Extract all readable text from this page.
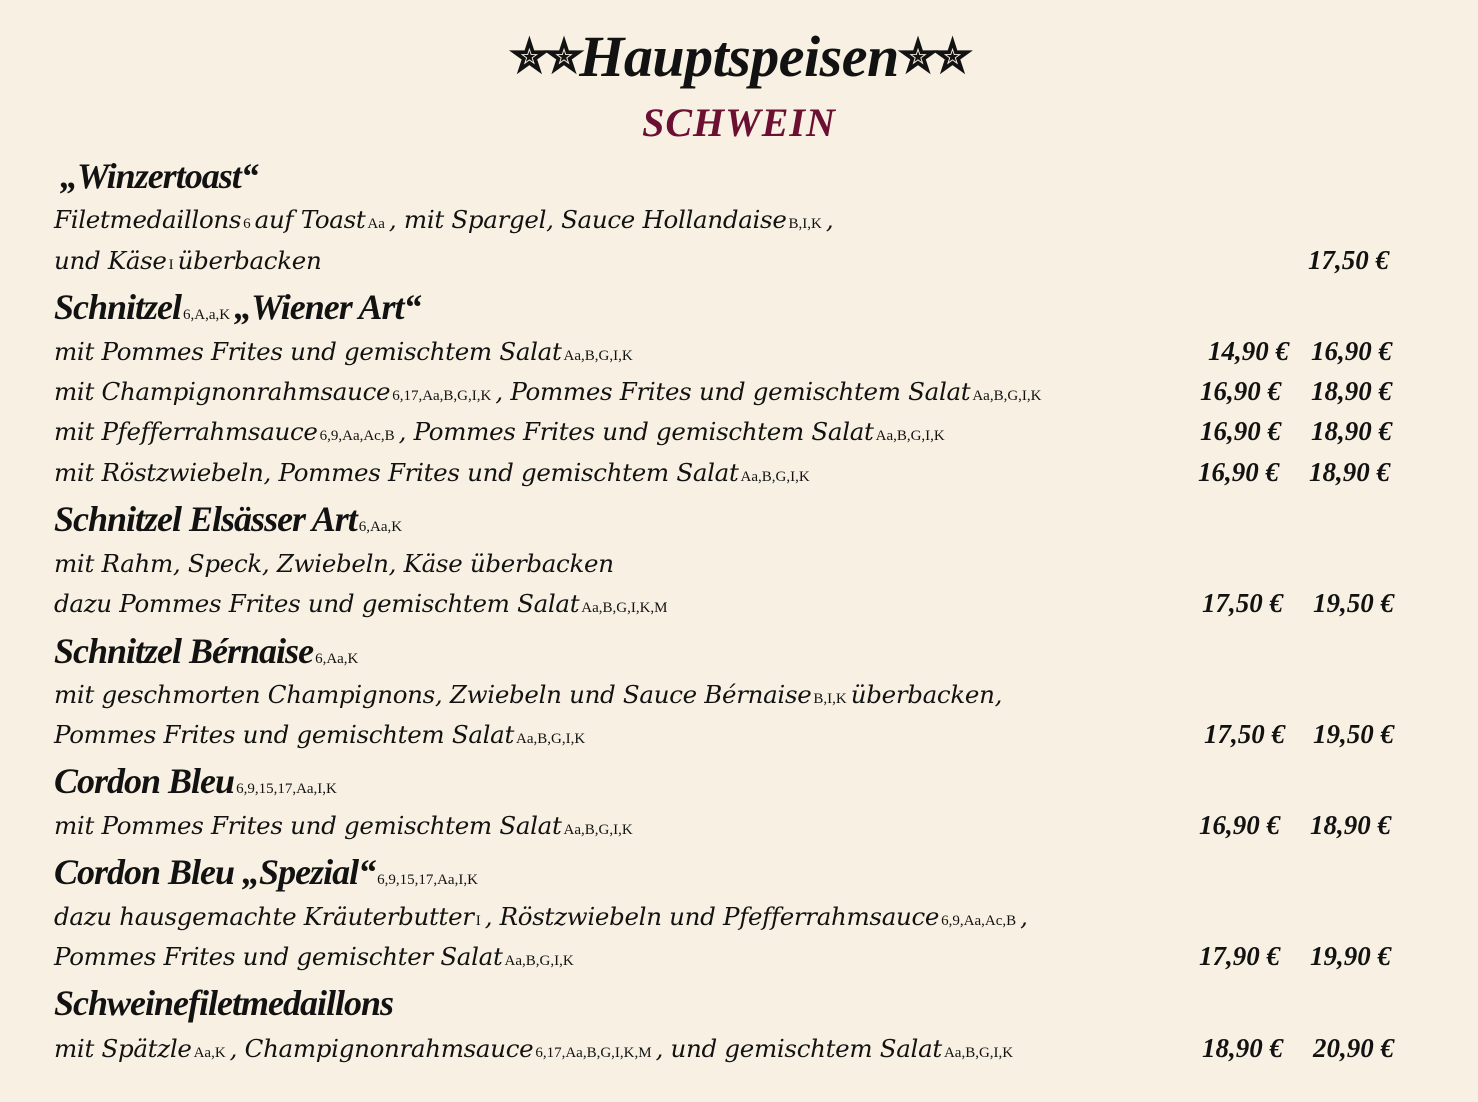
✮✮Hauptspeisen✮✮
SCHWEIN
„Winzertoast“
Filetmedaillons 6 auf Toast Aa , mit Spargel, Sauce Hollandaise B,I,K ,
und Käse I überbacken	17,50 €
Schnitzel 6,A,a,K „Wiener Art“
mit Pommes Frites und gemischtem Salat Aa,B,G,I,K	14,90 € 16,90 €
mit Champignonrahmsauce 6,17,Aa,B,G,I,K , Pommes Frites und gemischtem Salat Aa,B,G,I,K	16,90 € 18,90 €
mit Pfefferrahmsauce 6,9,Aa,Ac,B , Pommes Frites und gemischtem Salat Aa,B,G,I,K	16,90 € 18,90 €
mit Röstzwiebeln, Pommes Frites und gemischtem Salat Aa,B,G,I,K	16,90 € 18,90 €
Schnitzel Elsässer Art 6,Aa,K
mit Rahm, Speck, Zwiebeln, Käse überbacken
dazu Pommes Frites und gemischtem Salat Aa,B,G,I,K,M	17,50 € 19,50 €
Schnitzel Bérnaise 6,Aa,K
mit geschmorten Champignons, Zwiebeln und Sauce Bérnaise B,I,K überbacken,
Pommes Frites und gemischtem Salat Aa,B,G,I,K	17,50 € 19,50 €
Cordon Bleu 6,9,15,17,Aa,I,K
mit Pommes Frites und gemischtem Salat Aa,B,G,I,K	16,90 € 18,90 €
Cordon Bleu „Spezial“ 6,9,15,17,Aa,I,K
dazu hausgemachte Kräuterbutter I , Röstzwiebeln und Pfefferrahmsauce 6,9,Aa,Ac,B ,
Pommes Frites und gemischter Salat Aa,B,G,I,K	17,90 € 19,90 €
Schweinefiletmedaillons
mit Spätzle Aa,K , Champignonrahmsauce 6,17,Aa,B,G,I,K,M , und gemischtem Salat Aa,B,G,I,K	18,90 € 20,90 €
